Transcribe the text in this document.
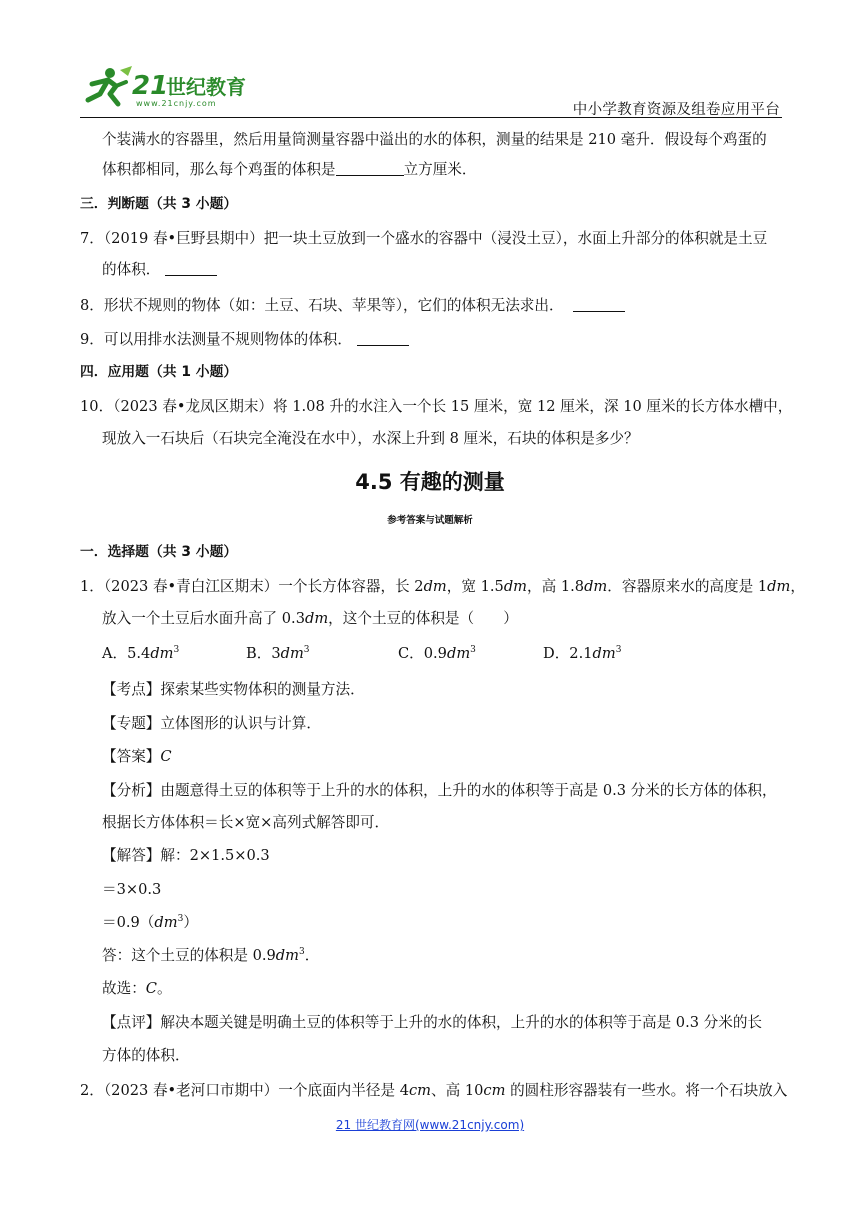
21
世纪教育
www.21cnjy.com	中小学教育资源及组卷应用平台
个装满水的容器里，然后用量筒测量容器中溢出的水的体积，测量的结果是 210 毫升．假设每个鸡蛋的
体积都相同，那么每个鸡蛋的体积是	立方厘米．
三．判断题（共 3 小题）
7．（2019 春•巨野县期中）把一块土豆放到一个盛水的容器中（浸没土豆），水面上升部分的体积就是土豆
的体积．
8．形状不规则的物体（如：土豆、石块、苹果等），它们的体积无法求出．
9．可以用排水法测量不规则物体的体积．
四．应用题（共 1 小题）
10．（2023 春•龙凤区期末）将 1.08 升的水注入一个长 15 厘米，宽 12 厘米，深 10 厘米的长方体水槽中，
现放入一石块后（石块完全淹没在水中），水深上升到 8 厘米，石块的体积是多少？
4.5 有趣的测量
参考答案与试题解析
一．选择题（共 3 小题）
1．（2023 春•青白江区期末）一个长方体容器，长 2dm，宽 1.5dm，高 1.8dm．容器原来水的高度是 1dm，
放入一个土豆后水面升高了 0.3dm，这个土豆的体积是（　　）
A．$5.4dm^3$	B．$3dm^3$	C．$0.9dm^3$	D．$2.1dm^3$
【考点】探索某些实物体积的测量方法．
【专题】立体图形的认识与计算．
【答案】C
【分析】由题意得土豆的体积等于上升的水的体积，上升的水的体积等于高是 0.3 分米的长方体的体积，
根据长方体体积＝长×宽×高列式解答即可．
【解答】解：2×1.5×0.3
＝3×0.3
$=0.9(dm^3)$
答：这个土豆的体积是 $0.9dm^3$．
故选：C。
【点评】解决本题关键是明确土豆的体积等于上升的水的体积，上升的水的体积等于高是 0.3 分米的长
方体的体积．
2．（2023 春•老河口市期中）一个底面内半径是 4cm、高 10cm 的圆柱形容器装有一些水。将一个石块放入
21 世纪教育网(www.21cnjy.com)
